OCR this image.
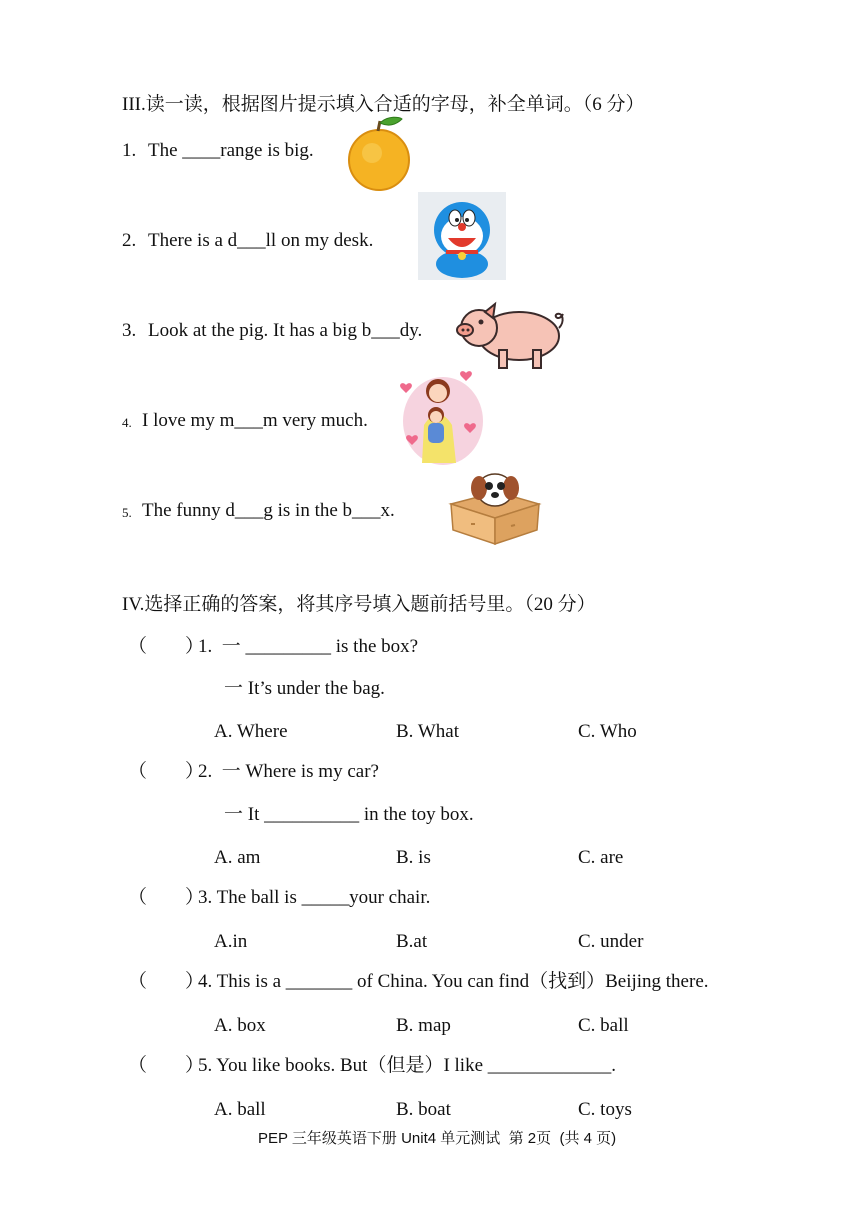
III.读一读，根据图片提示填入合适的字母，补全单词。（6 分）
1. The ____range is big.
2. There is a d___ll on my desk.
3. Look at the pig. It has a big b___dy.
4. I love my m___m very much.
5. The funny d___g is in the b___x.
IV.选择正确的答案，将其序号填入题前括号里。（20 分）
（　　）
1.  一 _________ is the box?
一 It’s under the bag.
A. Where	B. What	C. Who
（　　）
2.  一 Where is my car?
一 It __________ in the toy box.
A. am	B. is	C. are
（　　）
3. The ball is _____your chair.
A.in	B.at	C. under
（　　）
4. This is a _______ of China. You can find（找到）Beijing there.
A. box	B. map	C. ball
（　　）
5. You like books. But（但是）I like _____________.
A. ball	B. boat	C. toys
PEP 三年级英语下册 Unit4 单元测试  第 2页  (共 4 页)
